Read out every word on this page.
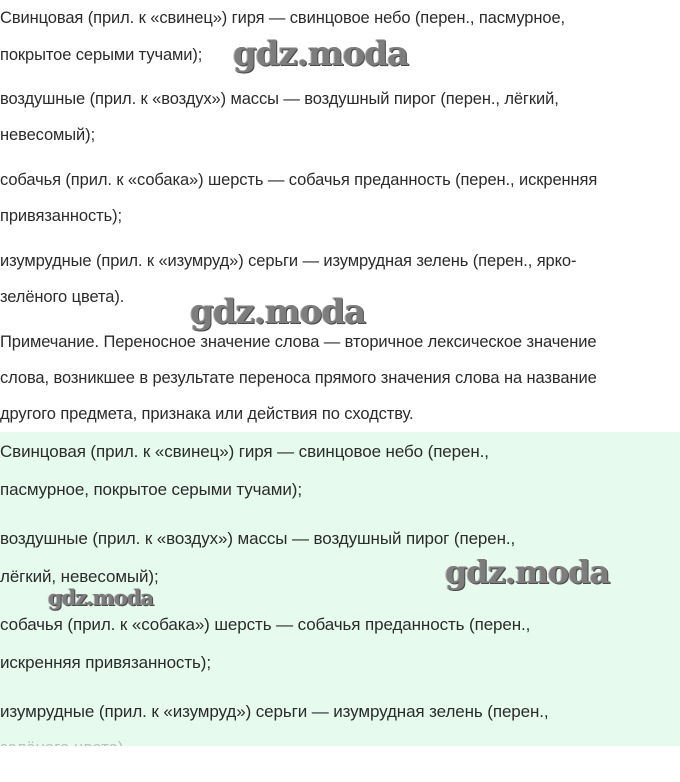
Свинцовая (прил. к «свинец») гиря — свинцовое небо (перен., пасмурное,

покрытое серыми тучами);

воздушные (прил. к «воздух») массы — воздушный пирог (перен., лёгкий,

невесомый);

собачья (прил. к «собака») шерсть — собачья преданность (перен., искренняя

привязанность);

изумрудные (прил. к «изумруд») серьги — изумрудная зелень (перен., ярко-

зелёного цвета).

Примечание. Переносное значение слова — вторичное лексическое значение

слова, возникшее в результате переноса прямого значения слова на название

другого предмета, признака или действия по сходству.

Свинцовая (прил. к «свинец») гиря — свинцовое небо (перен.,

пасмурное, покрытое серыми тучами);

воздушные (прил. к «воздух») массы — воздушный пирог (перен.,

лёгкий, невесомый);

собачья (прил. к «собака») шерсть — собачья преданность (перен.,

искренняя привязанность);

изумрудные (прил. к «изумруд») серьги — изумрудная зелень (перен.,

gdz.moda
gdz.moda
gdz.moda
gdz.moda
